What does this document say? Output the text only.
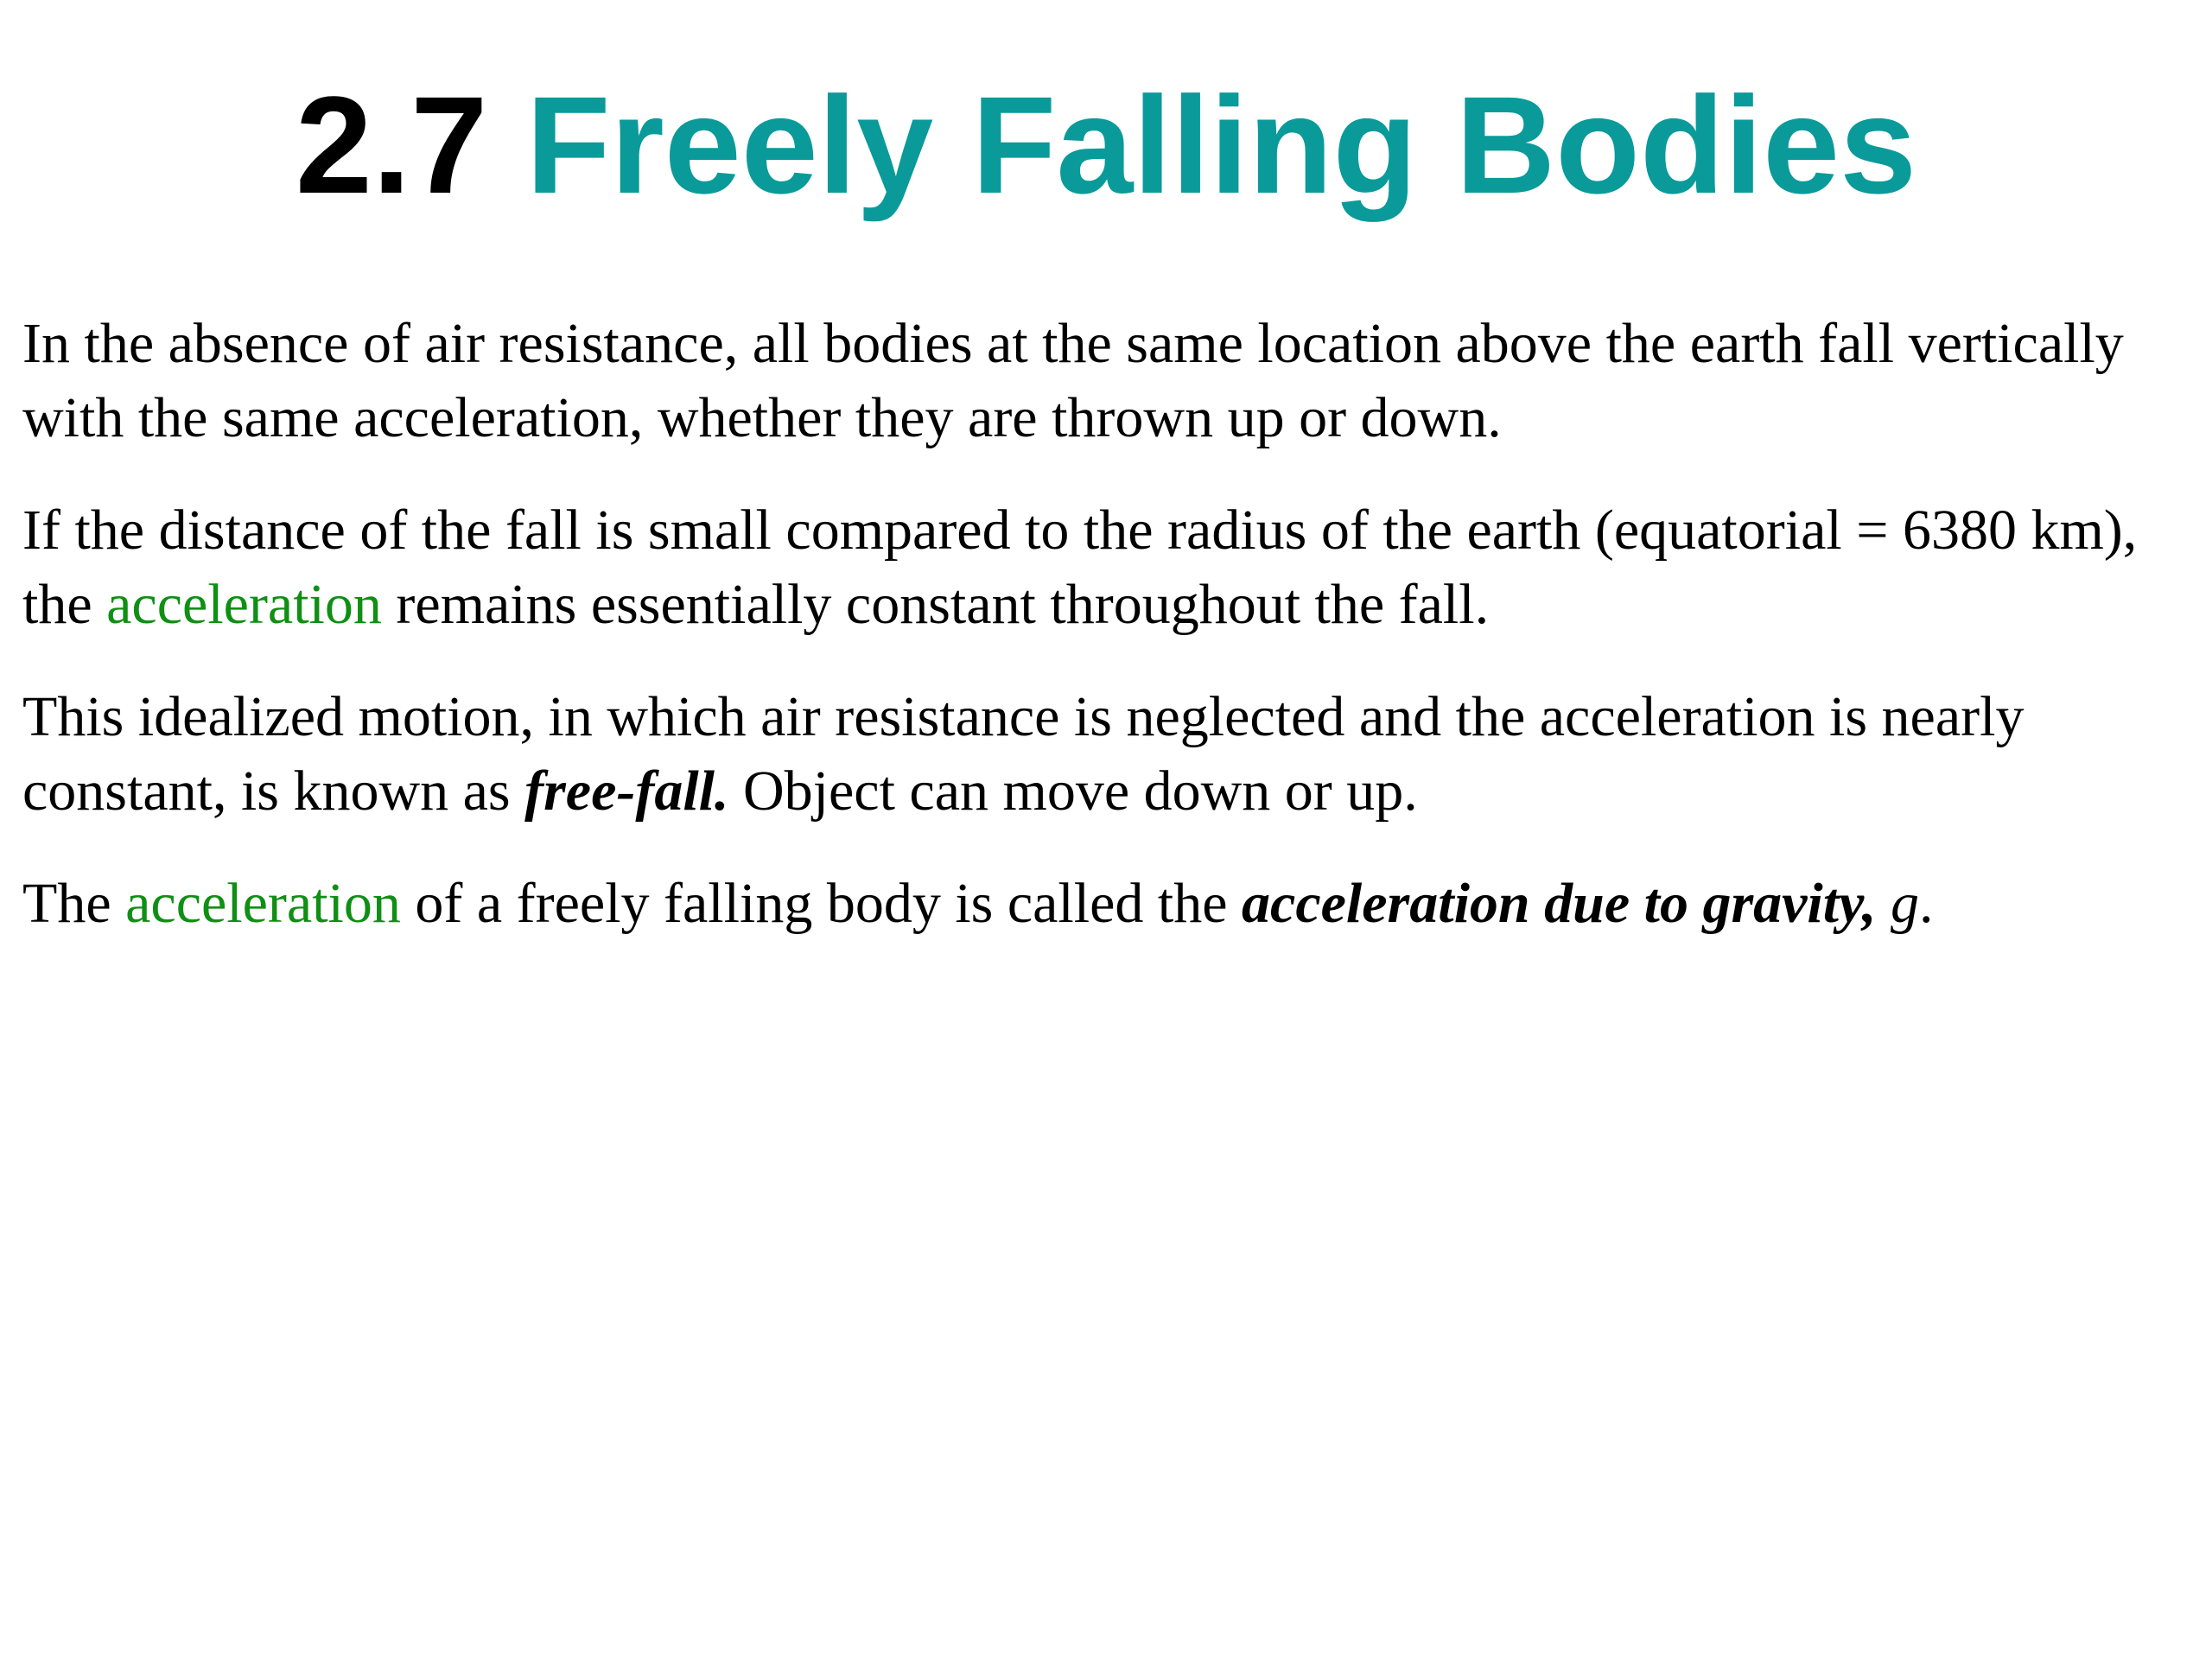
2.7 Freely Falling Bodies

In the absence of air resistance, all bodies at the same location above the earth fall vertically with the same acceleration, whether they are thrown up or down.

If the distance of the fall is small compared to the radius of the earth (equatorial = 6380 km), the acceleration remains essentially constant throughout the fall.

This idealized motion, in which air resistance is neglected and the acceleration is nearly constant, is known as free-fall. Object can move down or up.

The acceleration of a freely falling body is called the acceleration due to gravity, g.
